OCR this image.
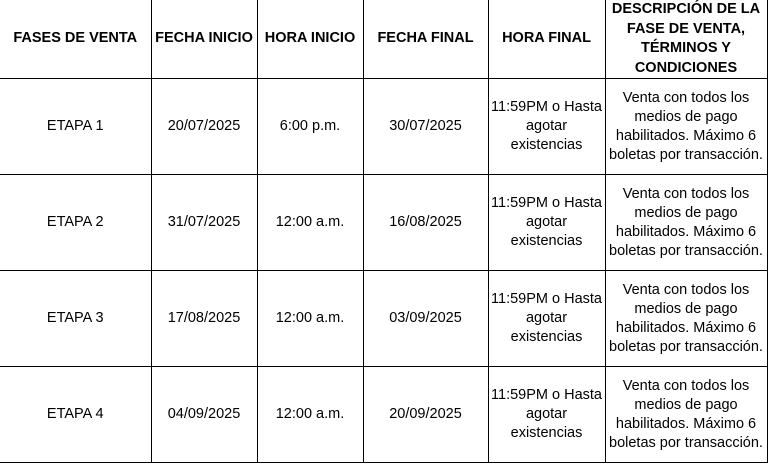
FASES DE VENTA	FECHA INICIO	HORA INICIO	FECHA FINAL	HORA FINAL	DESCRIPCIÓN DE LA FASE DE VENTA, TÉRMINOS Y CONDICIONES
ETAPA 1	20/07/2025	6:00 p.m.	30/07/2025	11:59PM o Hasta agotar existencias	Venta con todos los medios de pago habilitados. Máximo 6 boletas por transacción.
ETAPA 2	31/07/2025	12:00 a.m.	16/08/2025	11:59PM o Hasta agotar existencias	Venta con todos los medios de pago habilitados. Máximo 6 boletas por transacción.
ETAPA 3	17/08/2025	12:00 a.m.	03/09/2025	11:59PM o Hasta agotar existencias	Venta con todos los medios de pago habilitados. Máximo 6 boletas por transacción.
ETAPA 4	04/09/2025	12:00 a.m.	20/09/2025	11:59PM o Hasta agotar existencias	Venta con todos los medios de pago habilitados. Máximo 6 boletas por transacción.
